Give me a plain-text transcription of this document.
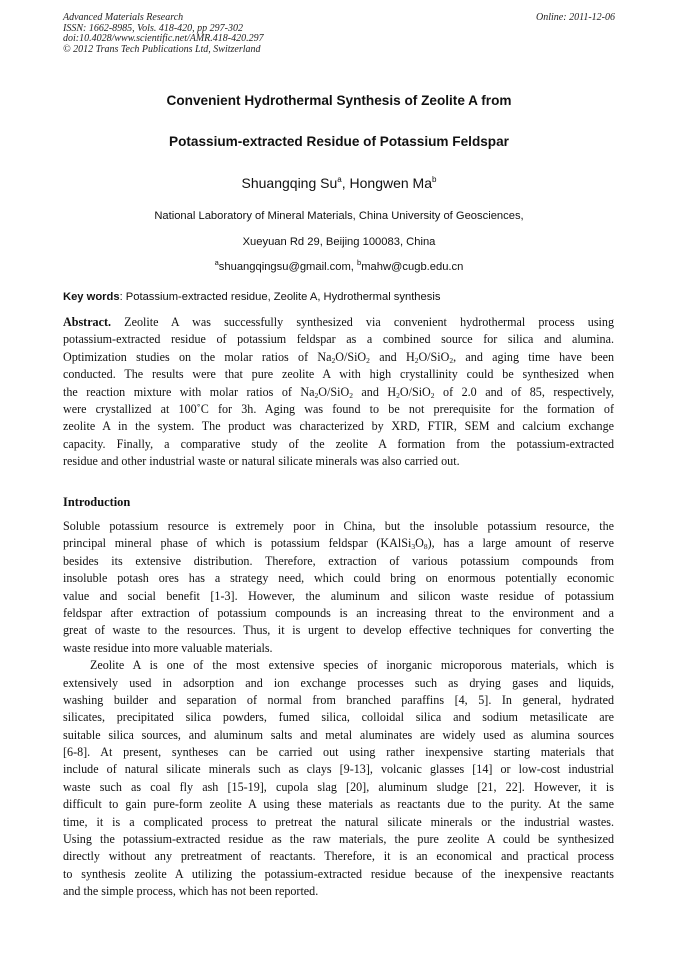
Advanced Materials Research
ISSN: 1662-8985, Vols. 418-420, pp 297-302
doi:10.4028/www.scientific.net/AMR.418-420.297
© 2012 Trans Tech Publications Ltd, Switzerland
Online: 2011-12-06
Convenient Hydrothermal Synthesis of Zeolite A from
Potassium-extracted Residue of Potassium Feldspar
Shuangqing Su$^a$, Hongwen Ma$^b$
National Laboratory of Mineral Materials, China University of Geosciences,
Xueyuan Rd 29, Beijing 100083, China
$^a$shuangqingsu@gmail.com, $^b$mahw@cugb.edu.cn
Key words: Potassium-extracted residue, Zeolite A, Hydrothermal synthesis
Abstract. Zeolite A was successfully synthesized via convenient hydrothermal process using
potassium-extracted residue of potassium feldspar as a combined source for silica and alumina.
Optimization studies on the molar ratios of $Na_2O/SiO_2$ and $H_2O/SiO_2$, and aging time have been
conducted. The results were that pure zeolite A with high crystallinity could be synthesized when
the reaction mixture with molar ratios of $Na_2O/SiO_2$ and $H_2O/SiO_2$ of 2.0 and of 85, respectively,
were crystallized at 100˚C for 3h. Aging was found to be not prerequisite for the formation of
zeolite A in the system. The product was characterized by XRD, FTIR, SEM and calcium exchange
capacity. Finally, a comparative study of the zeolite A formation from the potassium-extracted
residue and other industrial waste or natural silicate minerals was also carried out.
Introduction
Soluble potassium resource is extremely poor in China, but the insoluble potassium resource, the
principal mineral phase of which is potassium feldspar $(KAlSi_3O_8)$, has a large amount of reserve
besides its extensive distribution. Therefore, extraction of various potassium compounds from
insoluble potash ores has a strategy need, which could bring on enormous potentially economic
value and social benefit [1-3]. However, the aluminum and silicon waste residue of potassium
feldspar after extraction of potassium compounds is an increasing threat to the environment and a
great of waste to the resources. Thus, it is urgent to develop effective techniques for converting the
waste residue into more valuable materials.
Zeolite A is one of the most extensive species of inorganic microporous materials, which is
extensively used in adsorption and ion exchange processes such as drying gases and liquids,
washing builder and separation of normal from branched paraffins [4, 5]. In general, hydrated
silicates, precipitated silica powders, fumed silica, colloidal silica and sodium metasilicate are
suitable silica sources, and aluminum salts and metal aluminates are widely used as alumina sources
[6-8]. At present, syntheses can be carried out using rather inexpensive starting materials that
include of natural silicate minerals such as clays [9-13], volcanic glasses [14] or low-cost industrial
waste such as coal fly ash [15-19], cupola slag [20], aluminum sludge [21, 22]. However, it is
difficult to gain pure-form zeolite A using these materials as reactants due to the purity. At the same
time, it is a complicated process to pretreat the natural silicate minerals or the industrial wastes.
Using the potassium-extracted residue as the raw materials, the pure zeolite A could be synthesized
directly without any pretreatment of reactants. Therefore, it is an economical and practical process
to synthesis zeolite A utilizing the potassium-extracted residue because of the inexpensive reactants
and the simple process, which has not been reported.
